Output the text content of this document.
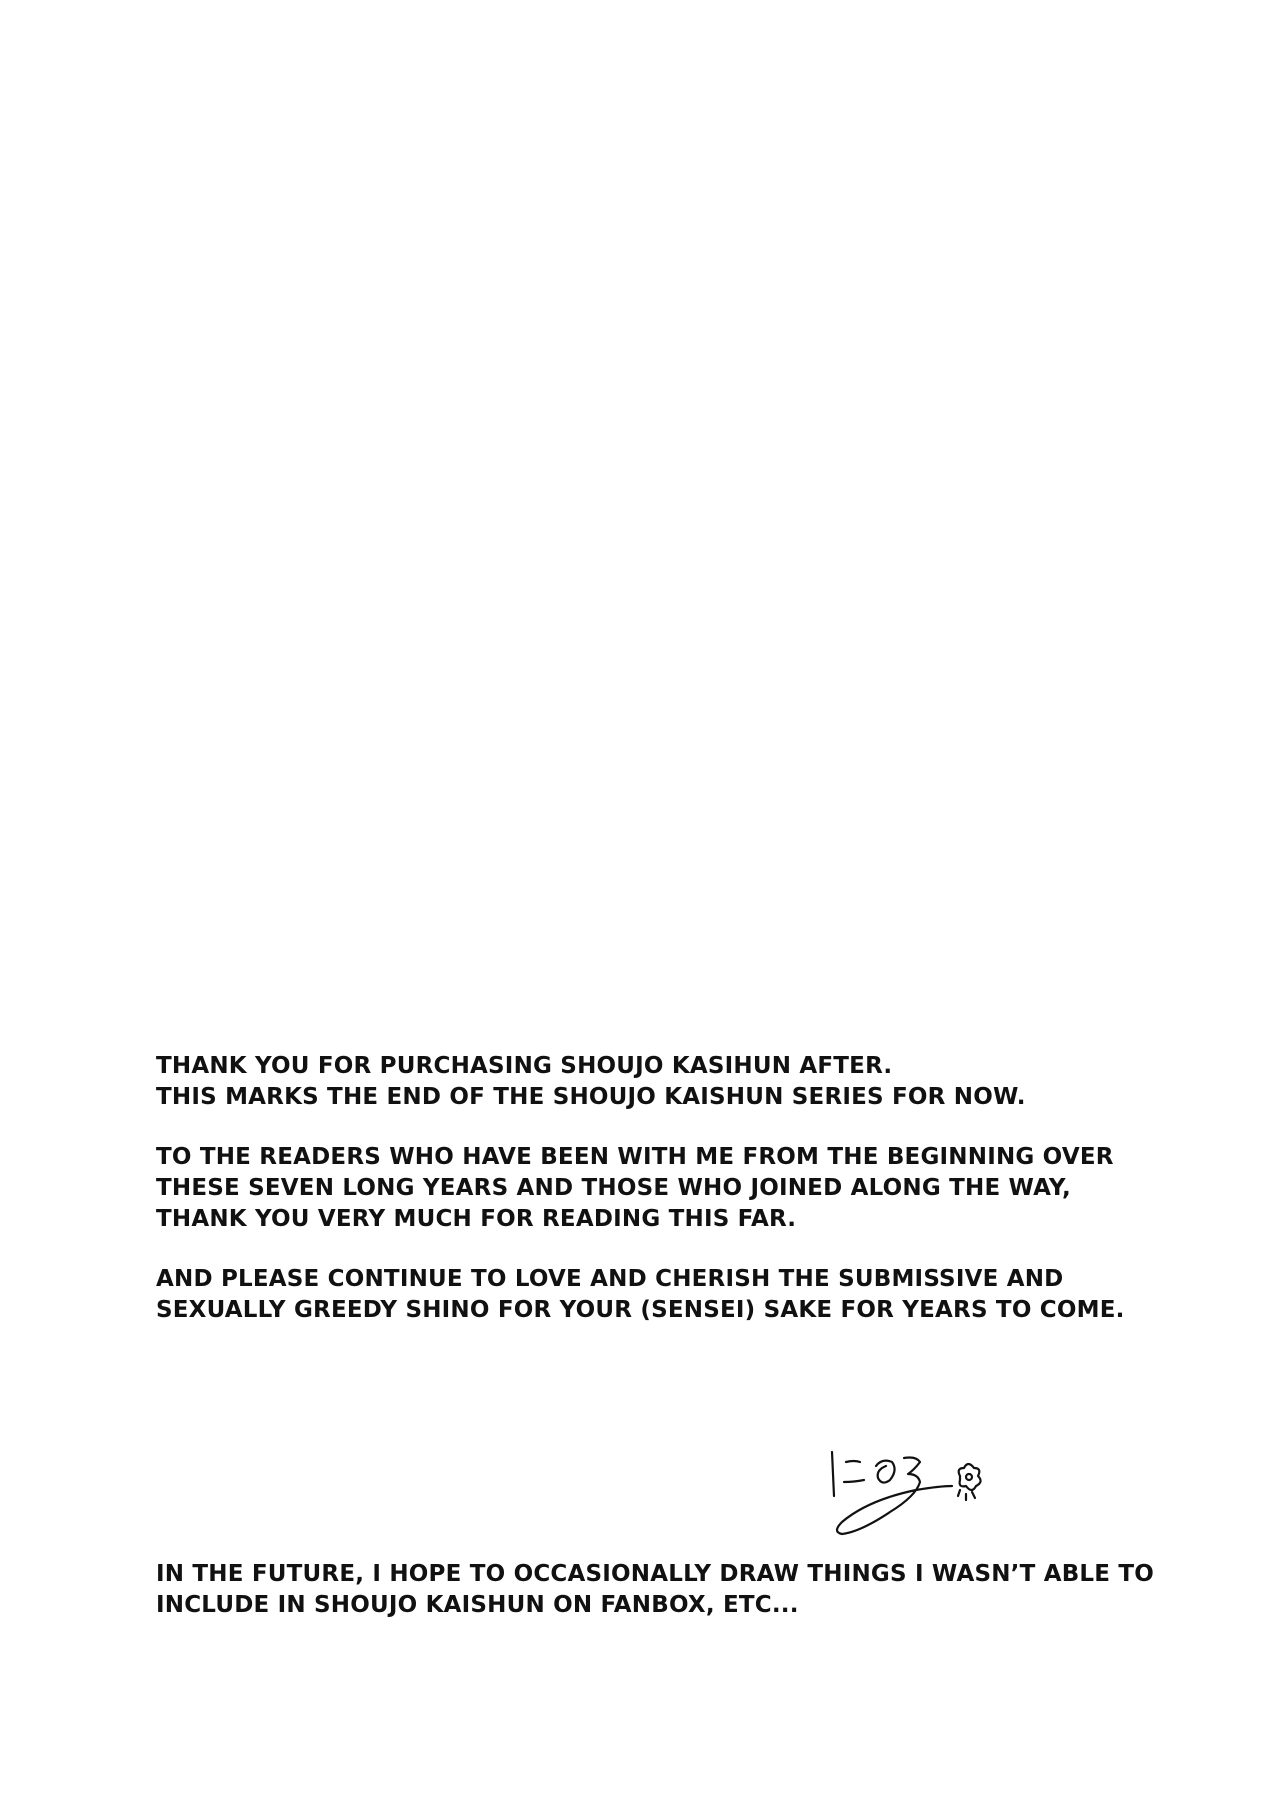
THANK YOU FOR PURCHASING SHOUJO KASIHUN AFTER.
THIS MARKS THE END OF THE SHOUJO KAISHUN SERIES FOR NOW.

TO THE READERS WHO HAVE BEEN WITH ME FROM THE BEGINNING OVER
THESE SEVEN LONG YEARS AND THOSE WHO JOINED ALONG THE WAY,
THANK YOU VERY MUCH FOR READING THIS FAR.

AND PLEASE CONTINUE TO LOVE AND CHERISH THE SUBMISSIVE AND
SEXUALLY GREEDY SHINO FOR YOUR (SENSEI) SAKE FOR YEARS TO COME.

IN THE FUTURE, I HOPE TO OCCASIONALLY DRAW THINGS I WASN’T ABLE TO
INCLUDE IN SHOUJO KAISHUN ON FANBOX, ETC...
